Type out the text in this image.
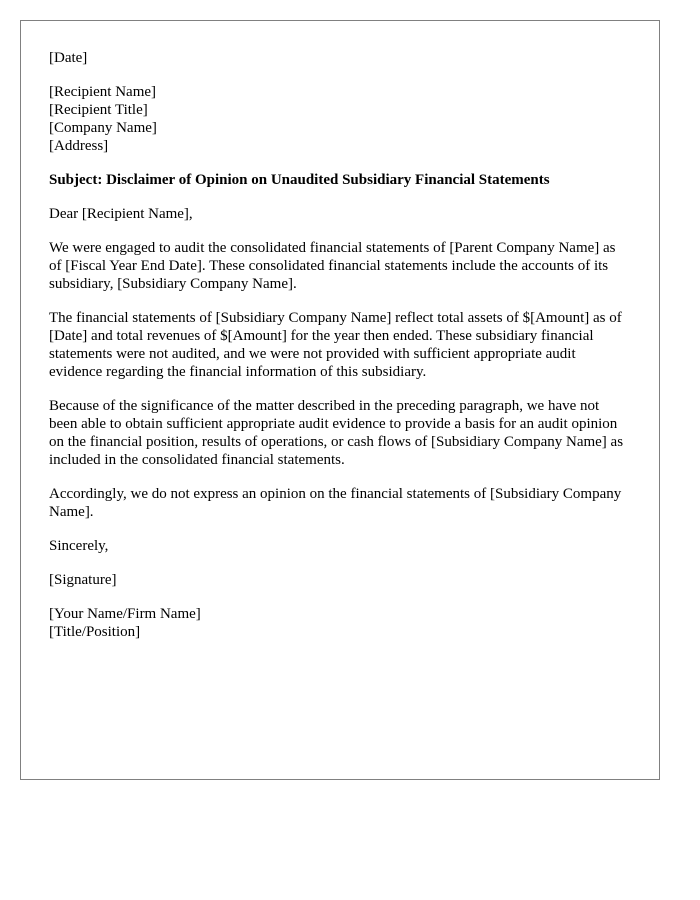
[Date]
[Recipient Name]
[Recipient Title]
[Company Name]
[Address]
Subject: Disclaimer of Opinion on Unaudited Subsidiary Financial Statements
Dear [Recipient Name],

We were engaged to audit the consolidated financial statements of [Parent Company Name] as of [Fiscal Year End Date]. These consolidated financial statements include the accounts of its subsidiary, [Subsidiary Company Name].

The financial statements of [Subsidiary Company Name] reflect total assets of $[Amount] as of [Date] and total revenues of $[Amount] for the year then ended. These subsidiary financial statements were not audited, and we were not provided with sufficient appropriate audit evidence regarding the financial information of this subsidiary.

Because of the significance of the matter described in the preceding paragraph, we have not been able to obtain sufficient appropriate audit evidence to provide a basis for an audit opinion on the financial position, results of operations, or cash flows of [Subsidiary Company Name] as included in the consolidated financial statements.

Accordingly, we do not express an opinion on the financial statements of [Subsidiary Company Name].

Sincerely,
[Signature]
[Your Name/Firm Name]
[Title/Position]
